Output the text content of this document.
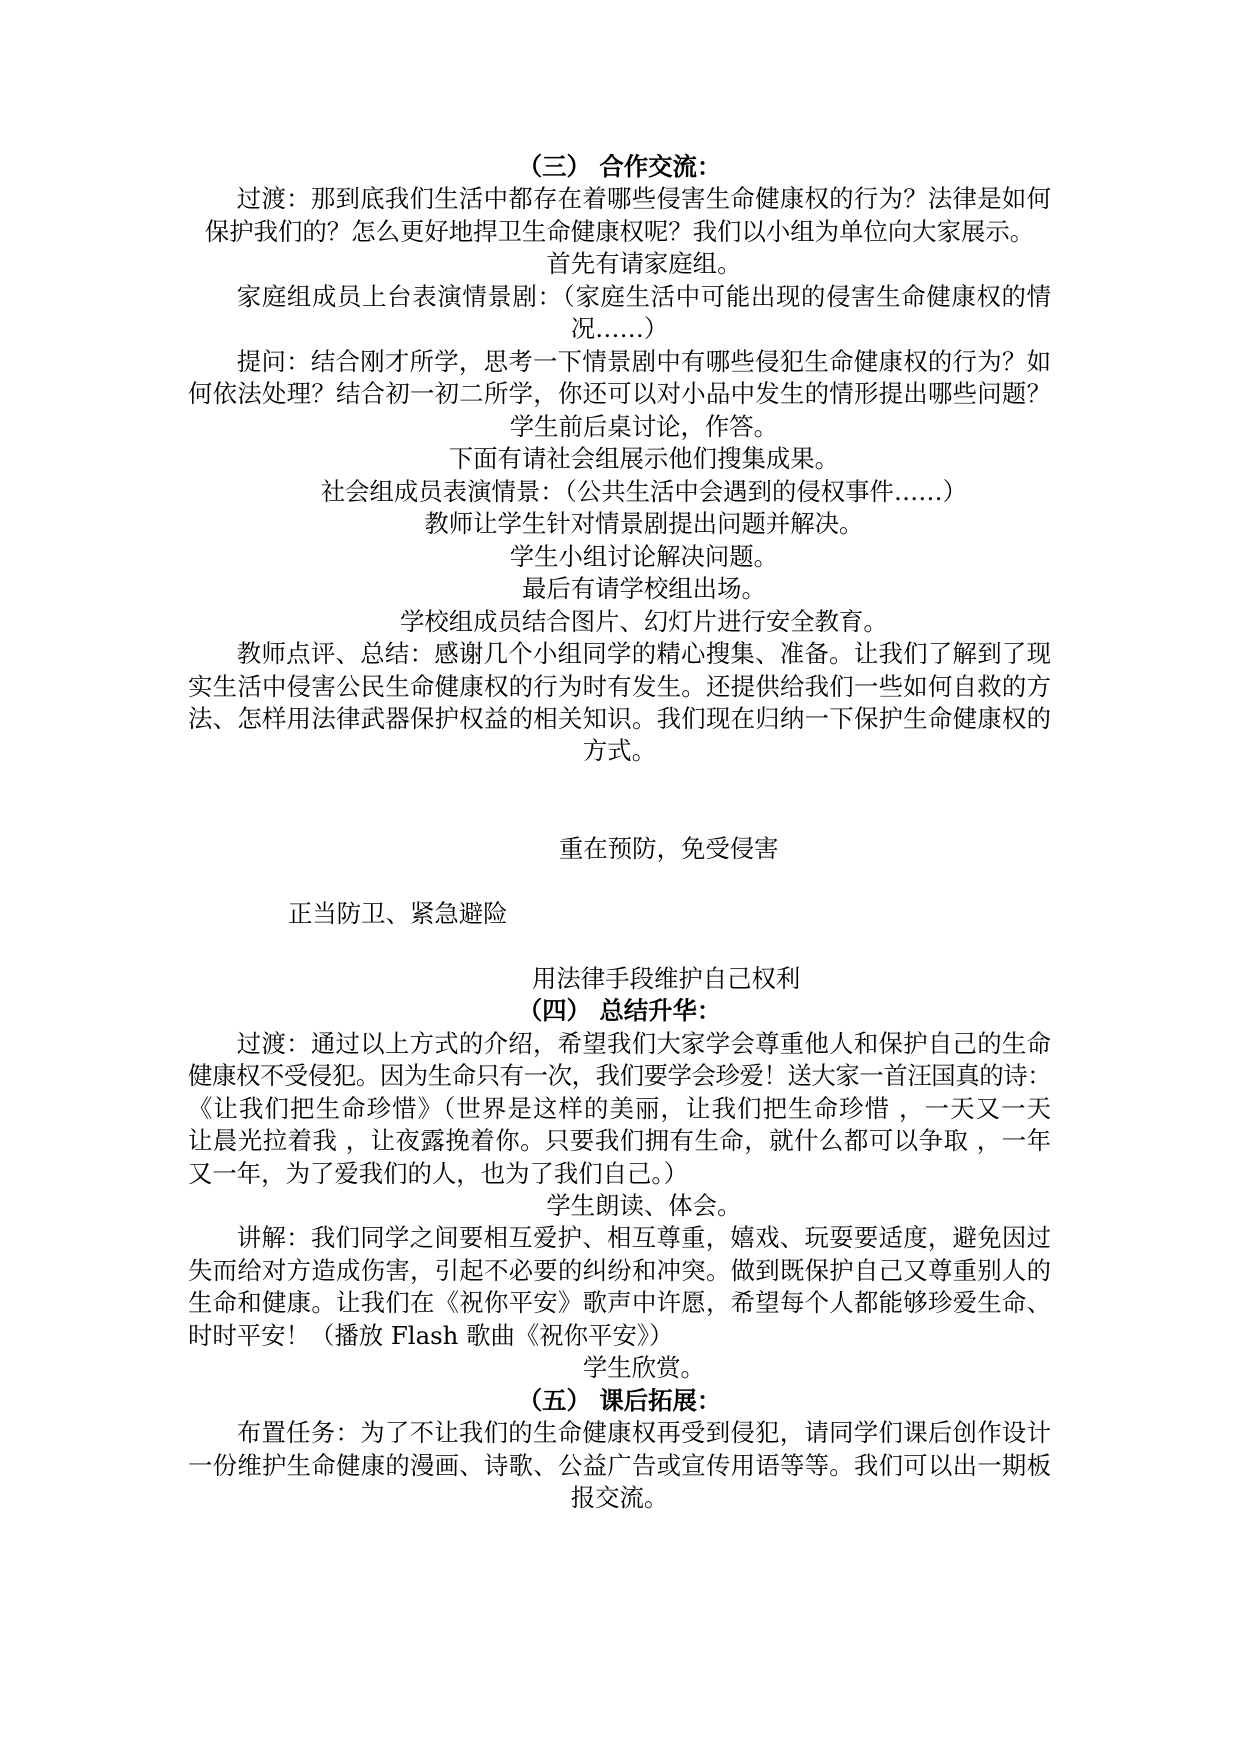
（三） 合作交流：
过渡：那到底我们生活中都存在着哪些侵害生命健康权的行为？法律是如何
保护我们的？怎么更好地捍卫生命健康权呢？我们以小组为单位向大家展示。
首先有请家庭组。
家庭组成员上台表演情景剧：（家庭生活中可能出现的侵害生命健康权的情
况……）
提问：结合刚才所学，思考一下情景剧中有哪些侵犯生命健康权的行为？如
何依法处理？结合初一初二所学，你还可以对小品中发生的情形提出哪些问题？
学生前后桌讨论，作答。
下面有请社会组展示他们搜集成果。
社会组成员表演情景：（公共生活中会遇到的侵权事件……）
教师让学生针对情景剧提出问题并解决。
学生小组讨论解决问题。
最后有请学校组出场。
学校组成员结合图片、幻灯片进行安全教育。
教师点评、总结：感谢几个小组同学的精心搜集、准备。让我们了解到了现
实生活中侵害公民生命健康权的行为时有发生。还提供给我们一些如何自救的方
法、怎样用法律武器保护权益的相关知识。我们现在归纳一下保护生命健康权的
方式。
重在预防，免受侵害
正当防卫、紧急避险
用法律手段维护自己权利
（四） 总结升华：
过渡：通过以上方式的介绍，希望我们大家学会尊重他人和保护自己的生命
健康权不受侵犯。因为生命只有一次，我们要学会珍爱！送大家一首汪国真的诗：
《让我们把生命珍惜》（世界是这样的美丽，让我们把生命珍惜 ，一天又一天
让晨光拉着我 ，让夜露挽着你。只要我们拥有生命，就什么都可以争取 ，一年
又一年，为了爱我们的人，也为了我们自己。）
学生朗读、体会。
讲解：我们同学之间要相互爱护、相互尊重，嬉戏、玩耍要适度，避免因过
失而给对方造成伤害，引起不必要的纠纷和冲突。做到既保护自己又尊重别人的
生命和健康。让我们在《祝你平安》歌声中许愿，希望每个人都能够珍爱生命、
时时平安！（播放 Flash 歌曲《祝你平安》）
学生欣赏。
（五） 课后拓展：
布置任务：为了不让我们的生命健康权再受到侵犯，请同学们课后创作设计
一份维护生命健康的漫画、诗歌、公益广告或宣传用语等等。我们可以出一期板
报交流。
